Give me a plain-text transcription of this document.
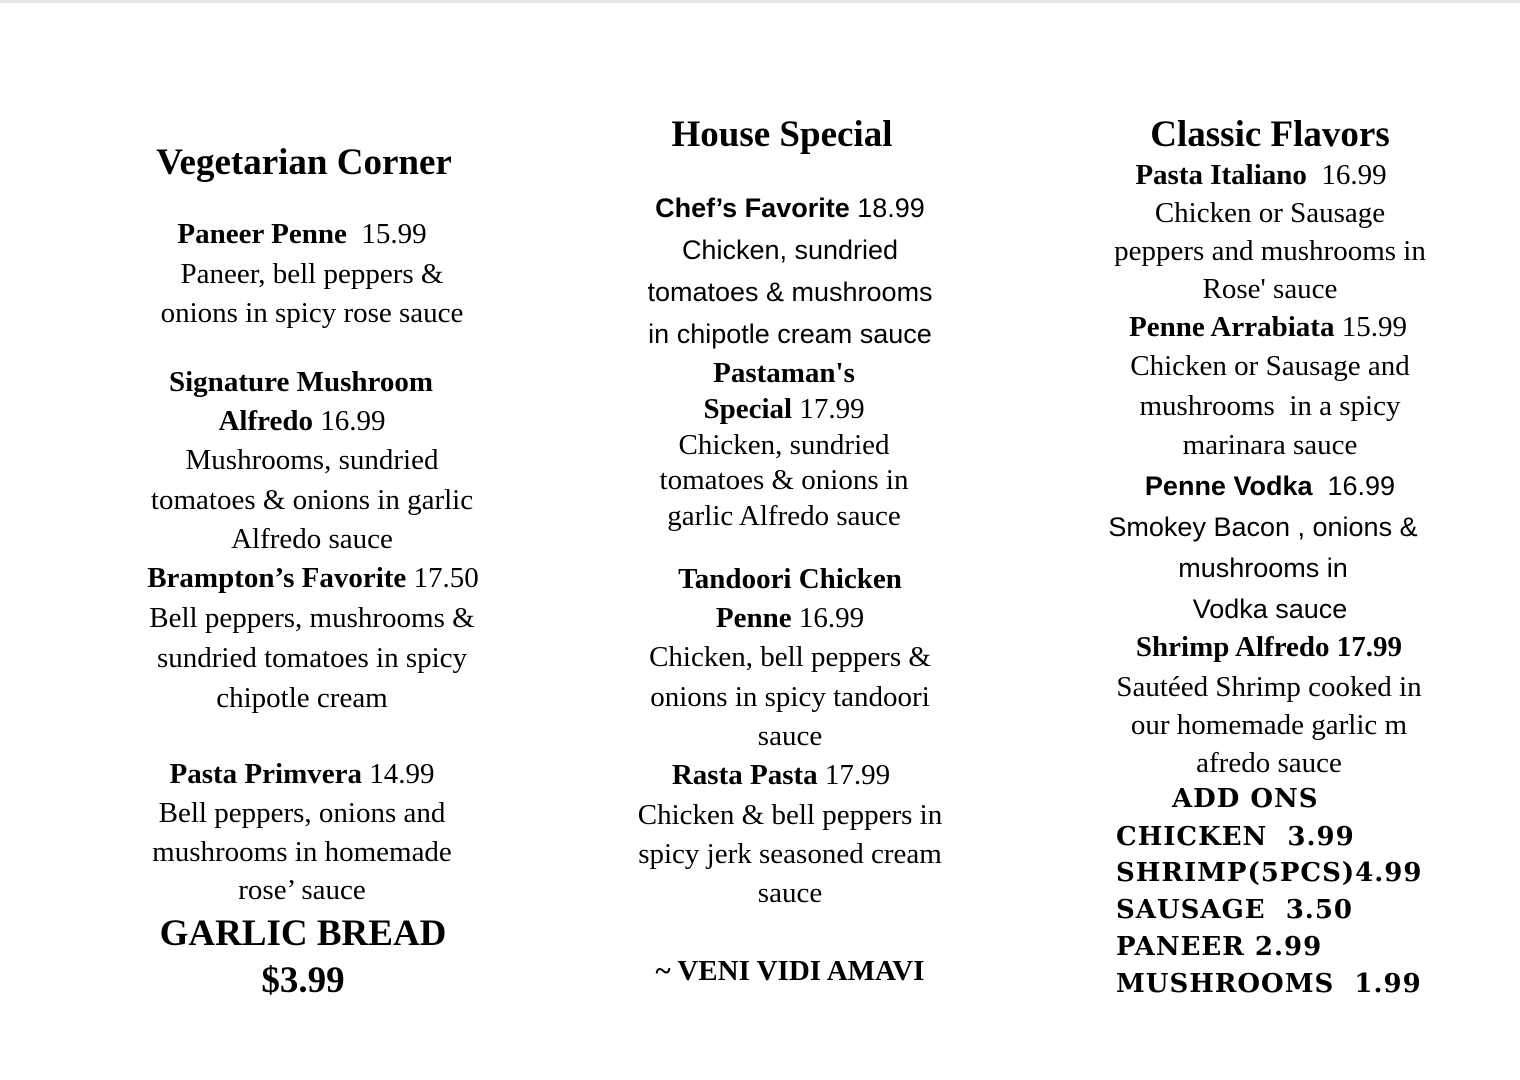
Vegetarian Corner
Paneer Penne 15.99
Paneer, bell peppers &
onions in spicy rose sauce
Signature Mushroom
Alfredo 16.99
Mushrooms, sundried
tomatoes & onions in garlic
Alfredo sauce
Brampton’s Favorite 17.50
Bell peppers, mushrooms &
sundried tomatoes in spicy
chipotle cream
Pasta Primvera 14.99
Bell peppers, onions and
mushrooms in homemade
rose’ sauce
GARLIC BREAD
$3.99
House Special
Chef’s Favorite 18.99
Chicken, sundried
tomatoes & mushrooms
in chipotle cream sauce
Pastaman's
Special 17.99
Chicken, sundried
tomatoes & onions in
garlic Alfredo sauce
Tandoori Chicken
Penne 16.99
Chicken, bell peppers &
onions in spicy tandoori
sauce
Rasta Pasta 17.99
Chicken & bell peppers in
spicy jerk seasoned cream
sauce
~ VENI VIDI AMAVI
Classic Flavors
Pasta Italiano 16.99
Chicken or Sausage
peppers and mushrooms in
Rose' sauce
Penne Arrabiata 15.99
Chicken or Sausage and
mushrooms  in a spicy
marinara sauce
Penne Vodka 16.99
Smokey Bacon , onions &
mushrooms in
Vodka sauce
Shrimp Alfredo 17.99
Sautéed Shrimp cooked in
our homemade garlic m
afredo sauce
ADD ONS
CHICKEN  3.99
SHRIMP(5PCS)4.99
SAUSAGE  3.50
PANEER 2.99
MUSHROOMS  1.99
